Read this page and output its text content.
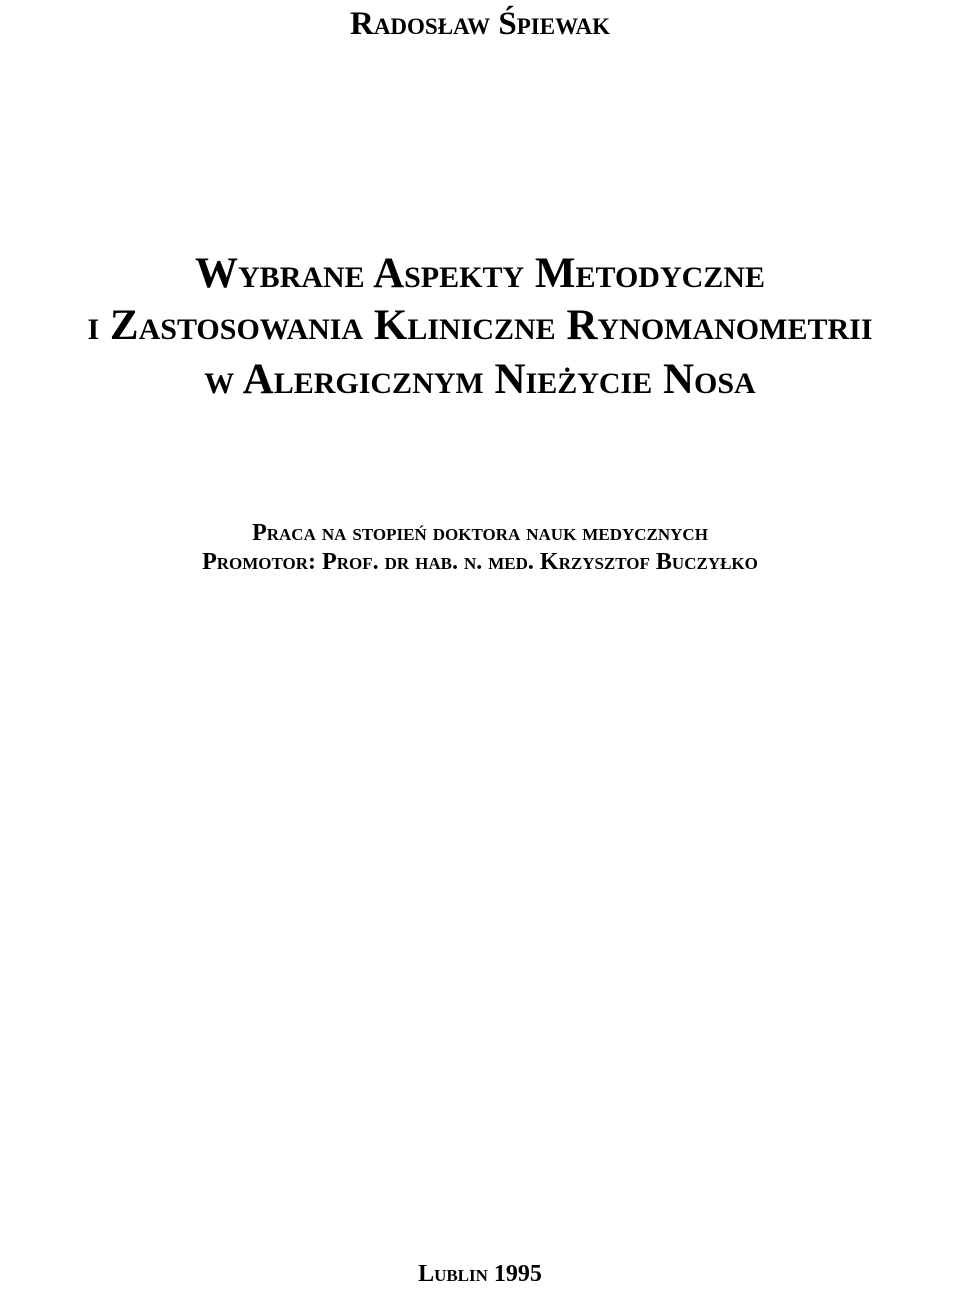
Radosław Śpiewak
Wybrane Aspekty Metodyczne
i Zastosowania Kliniczne Rynomanometrii
w Alergicznym Nieżycie Nosa
Praca na stopień doktora nauk medycznych
Promotor: Prof. dr hab. n. med. Krzysztof Buczyłko
Lublin 1995
